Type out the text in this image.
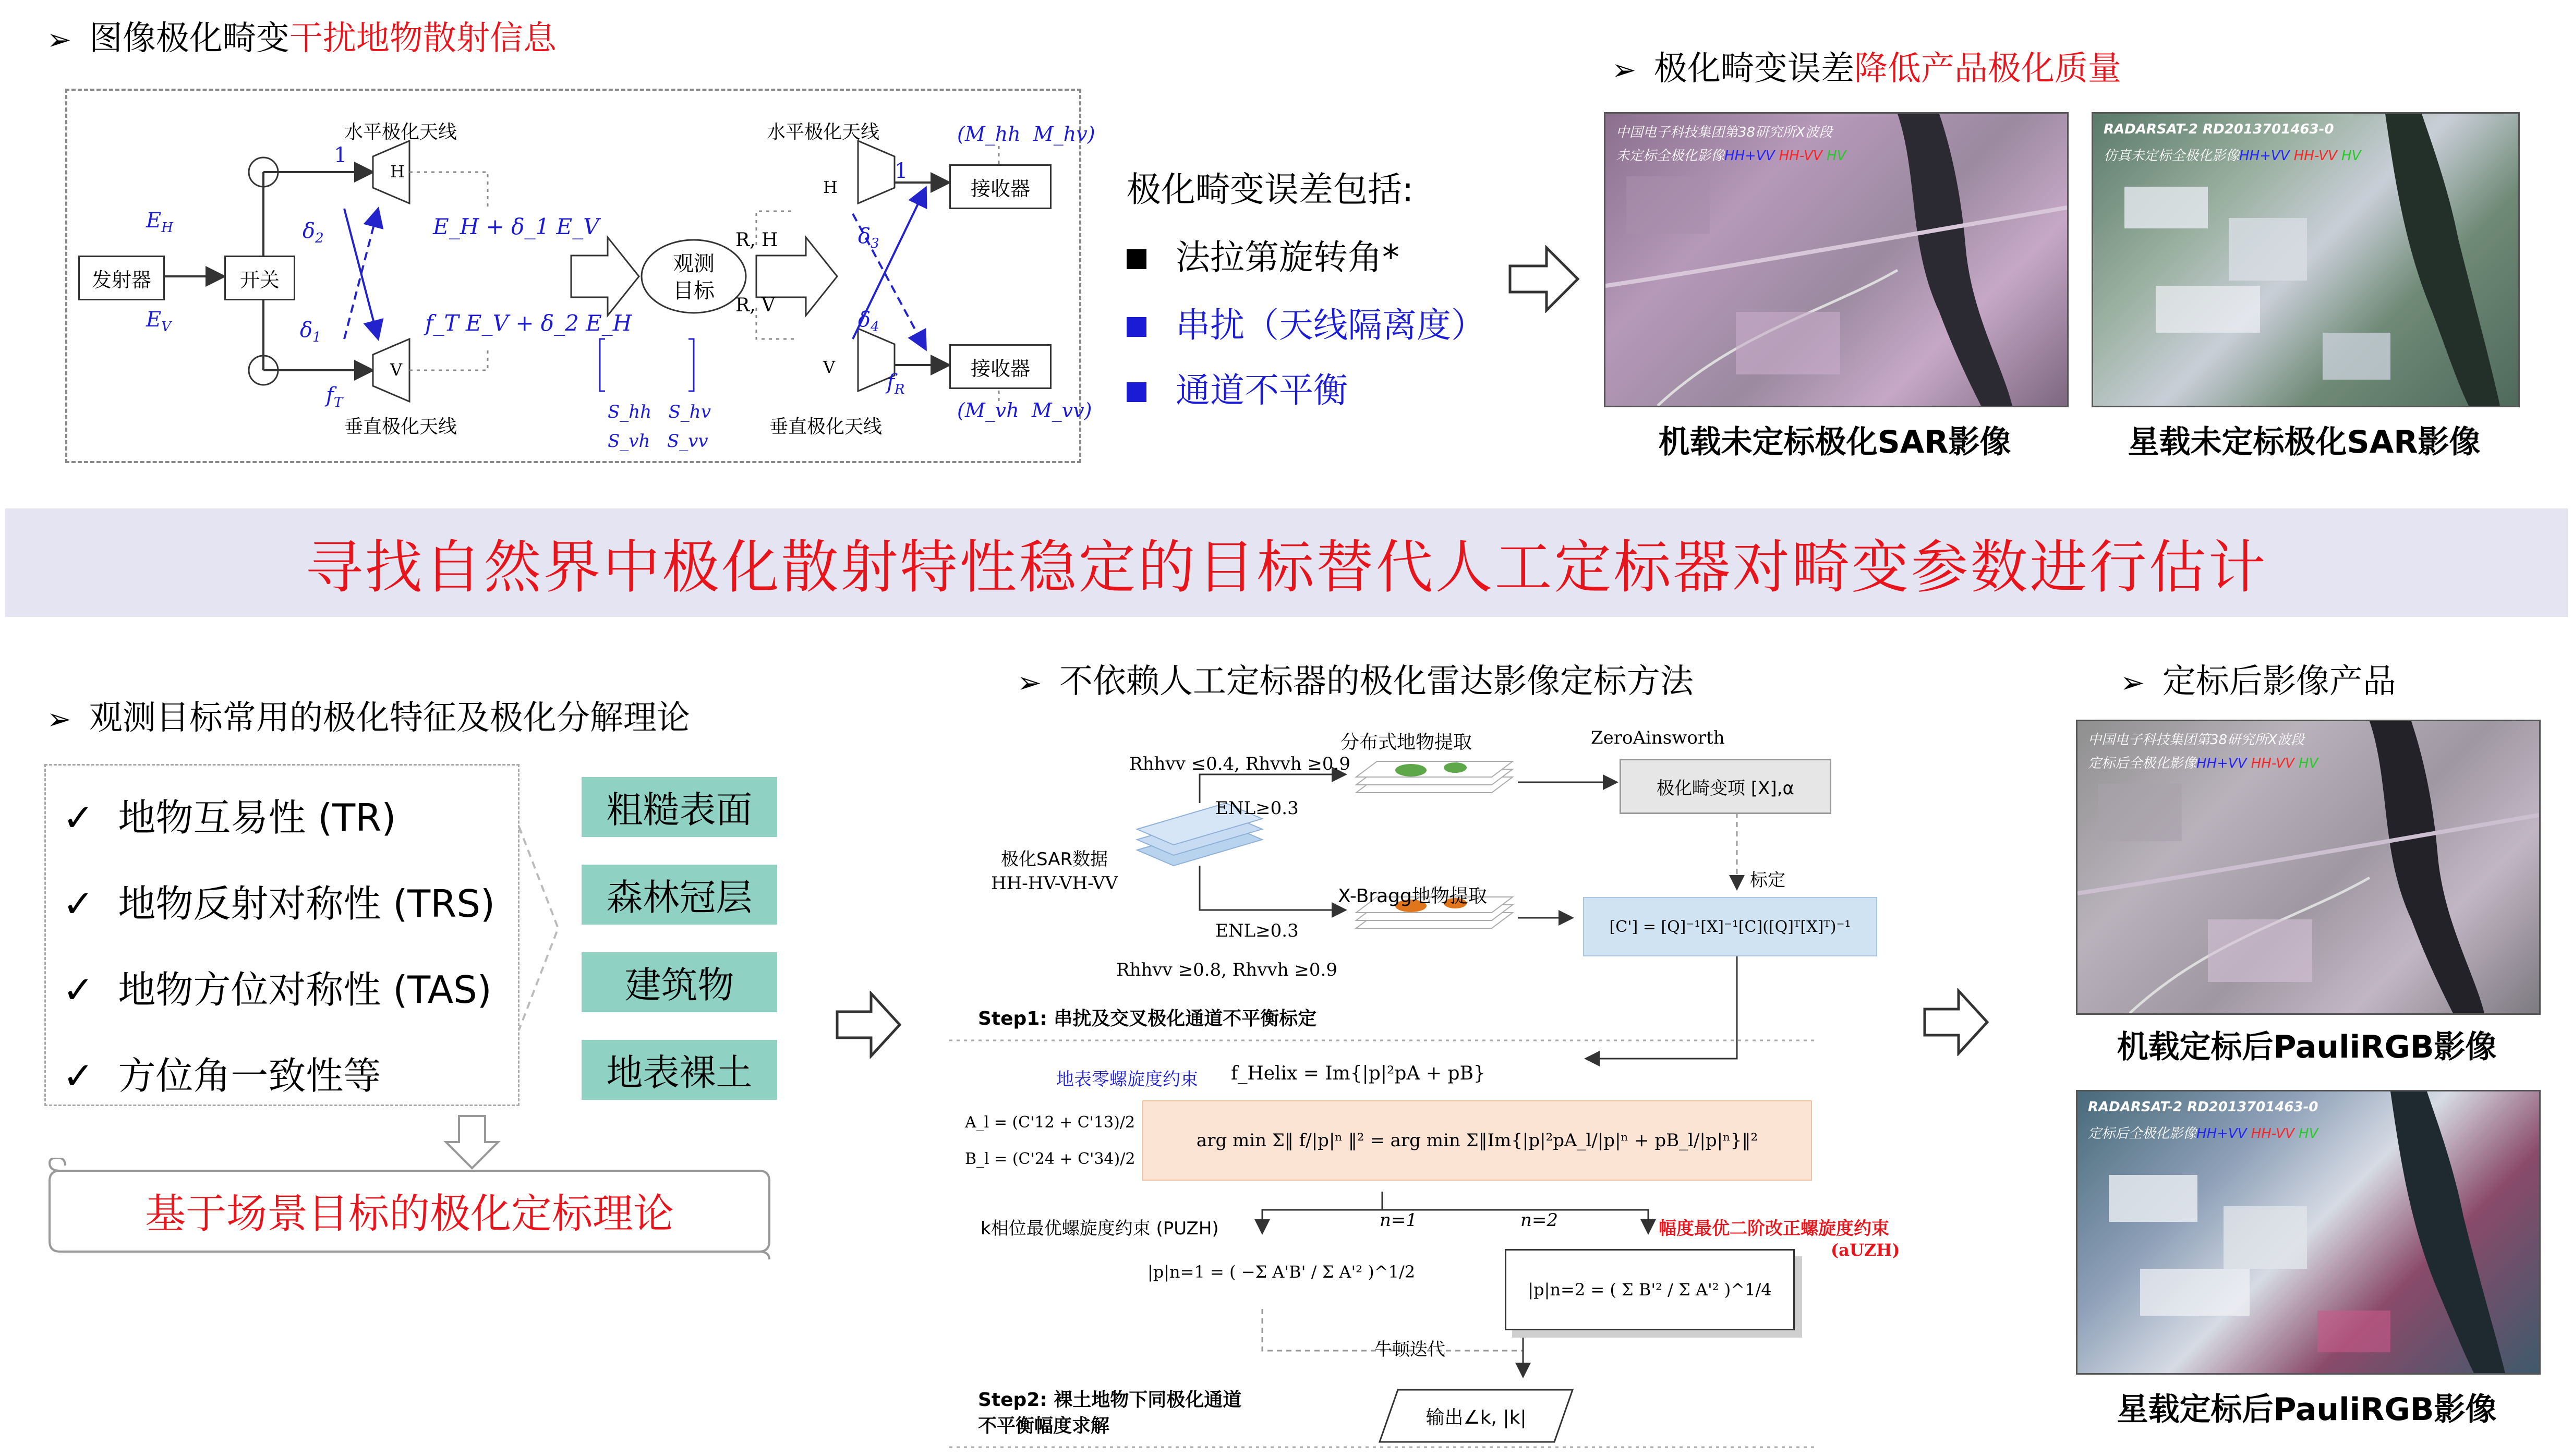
➢ 图像极化畸变干扰地物散射信息
发射器	开关
水平极化天线
垂直极化天线
H
V
1
$E_H$
$E_V$
$\delta_2$
$\delta_1$
$f_T$
E_H + δ_1 E_V
f_T E_V + δ_2 E_H
观测
目标

S_hh   S_hv
S_vh   S_vv

R, H
R, V
水平极化天线
垂直极化天线
H
V
1
接收器
接收器
(M_hh  M_hv)
(M_vh  M_vv)
$\delta_3$
$\delta_4$
$f_R$
极化畸变误差包括:
法拉第旋转角*
串扰（天线隔离度）
通道不平衡
➢ 极化畸变误差降低产品极化质量
中国电子科技集团第38研究所X波段
未定标全极化影像HH+VV HH-VV HV
RADARSAT-2 RD2013701463-0
仿真未定标全极化影像HH+VV HH-VV HV
机载未定标极化SAR影像	星载未定标极化SAR影像
寻找自然界中极化散射特性稳定的目标替代人工定标器对畸变参数进行估计
➢ 观测目标常用的极化特征及极化分解理论
✓ 地物互易性 (TR)
✓ 地物反射对称性 (TRS)
✓ 地物方位对称性 (TAS)
✓ 方位角一致性等
粗糙表面
森林冠层
建筑物
地表裸土
基于场景目标的极化定标理论
➢ 不依赖人工定标器的极化雷达影像定标方法
Rhhvv ≤0.4, Rhvvh ≥0.9
ENL≥0.3
分布式地物提取	ZeroAinsworth
极化畸变项 [X],α
极化SAR数据
HH-HV-VH-VV	标定
X-Bragg地物提取
ENL≥0.3
Rhhvv ≥0.8, Rhvvh ≥0.9
[C'] = [Q]⁻¹[X]⁻¹[C]([Q]ᵀ[X]ᵀ)⁻¹
Step1: 串扰及交叉极化通道不平衡标定
地表零螺旋度约束 f_Helix = Im{|p|²pA + pB}
A_l = (C'12 + C'13)/2
B_l = (C'24 + C'34)/2
arg min Σ‖ f/|p|ⁿ ‖² = arg min Σ‖Im{|p|²pA_l/|p|ⁿ + pB_l/|p|ⁿ}‖²
k相位最优螺旋度约束 (PUZH)	n=1	n=2	幅度最优二阶改正螺旋度约束
(aUZH)
|p|n=1 = ( −Σ A'B' / Σ A'² )^1/2
|p|n=2 = ( Σ B'² / Σ A'² )^1/4
牛顿迭代
Step2: 裸土地物下同极化通道
不平衡幅度求解	输出∠k, |k|
➢ 定标后影像产品
中国电子科技集团第38研究所X波段
定标后全极化影像HH+VV HH-VV HV
机载定标后PauliRGB影像
RADARSAT-2 RD2013701463-0
定标后全极化影像HH+VV HH-VV HV
星载定标后PauliRGB影像
